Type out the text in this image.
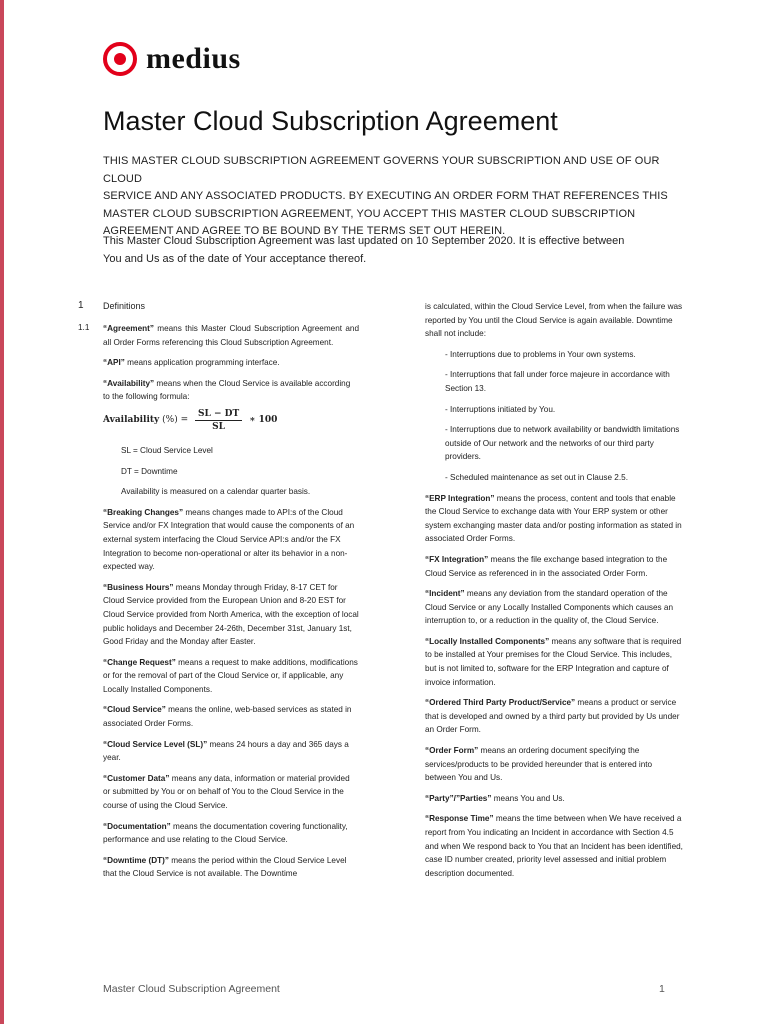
medius
Master Cloud Subscription Agreement
THIS MASTER CLOUD SUBSCRIPTION AGREEMENT GOVERNS YOUR SUBSCRIPTION AND USE OF OUR CLOUD
SERVICE AND ANY ASSOCIATED PRODUCTS. BY EXECUTING AN ORDER FORM THAT REFERENCES THIS
MASTER CLOUD SUBSCRIPTION AGREEMENT, YOU ACCEPT THIS MASTER CLOUD SUBSCRIPTION
AGREEMENT AND AGREE TO BE BOUND BY THE TERMS SET OUT HEREIN.
This Master Cloud Subscription Agreement was last updated on 10 September 2020. It is effective between
You and Us as of the date of Your acceptance thereof.
1 Definitions
1.1 “Agreement” means this Master Cloud Subscription Agreement and all Order Forms referencing this Cloud Subscription Agreement.

“API” means application programming interface.

“Availability” means when the Cloud Service is available according to the following formula:

Availability (%) = $\frac{SL - DT}{SL}$ ∗ 100

SL = Cloud Service Level

DT = Downtime

Availability is measured on a calendar quarter basis.

“Breaking Changes” means changes made to API:s of the Cloud Service and/or FX Integration that would cause the components of an external system interfacing the Cloud Service API:s and/or the FX Integration to become non-operational or alter its behavior in a non-expected way.

“Business Hours” means Monday through Friday, 8-17 CET for Cloud Service provided from the European Union and 8-20 EST for Cloud Service provided from North America, with the exception of local public holidays and December 24-26th, December 31st, January 1st, Good Friday and the Monday after Easter.

“Change Request” means a request to make additions, modifications or for the removal of part of the Cloud Service or, if applicable, any Locally Installed Components.

“Cloud Service” means the online, web-based services as stated in associated Order Forms.

“Cloud Service Level (SL)” means 24 hours a day and 365 days a year.

“Customer Data” means any data, information or material provided or submitted by You or on behalf of You to the Cloud Service in the course of using the Cloud Service.

“Documentation” means the documentation covering functionality, performance and use relating to the Cloud Service.

“Downtime (DT)” means the period within the Cloud Service Level that the Cloud Service is not available. The Downtime

is calculated, within the Cloud Service Level, from when the failure was reported by You until the Cloud Service is again available. Downtime shall not include:

- Interruptions due to problems in Your own systems.

- Interruptions that fall under force majeure in accordance with Section 13.

- Interruptions initiated by You.

- Interruptions due to network availability or bandwidth limitations outside of Our network and the networks of our third party providers.

- Scheduled maintenance as set out in Clause 2.5.

“ERP Integration” means the process, content and tools that enable the Cloud Service to exchange data with Your ERP system or other system exchanging master data and/or posting information as stated in associated Order Forms.

“FX Integration” means the file exchange based integration to the Cloud Service as referenced in in the associated Order Form.

“Incident” means any deviation from the standard operation of the Cloud Service or any Locally Installed Components which causes an interruption to, or a reduction in the quality of, the Cloud Service.

“Locally Installed Components” means any software that is required to be installed at Your premises for the Cloud Service. This includes, but is not limited to, software for the ERP Integration and capture of invoice information.

“Ordered Third Party Product/Service” means a product or service that is developed and owned by a third party but provided by Us under an Order Form.

“Order Form” means an ordering document specifying the services/products to be provided hereunder that is entered into between You and Us.

“Party”/”Parties” means You and Us.

“Response Time” means the time between when We have received a report from You indicating an Incident in accordance with Section 4.5 and when We respond back to You that an Incident has been identified, case ID number created, priority level assessed and initial problem description documented.

Master Cloud Subscription Agreement	1
